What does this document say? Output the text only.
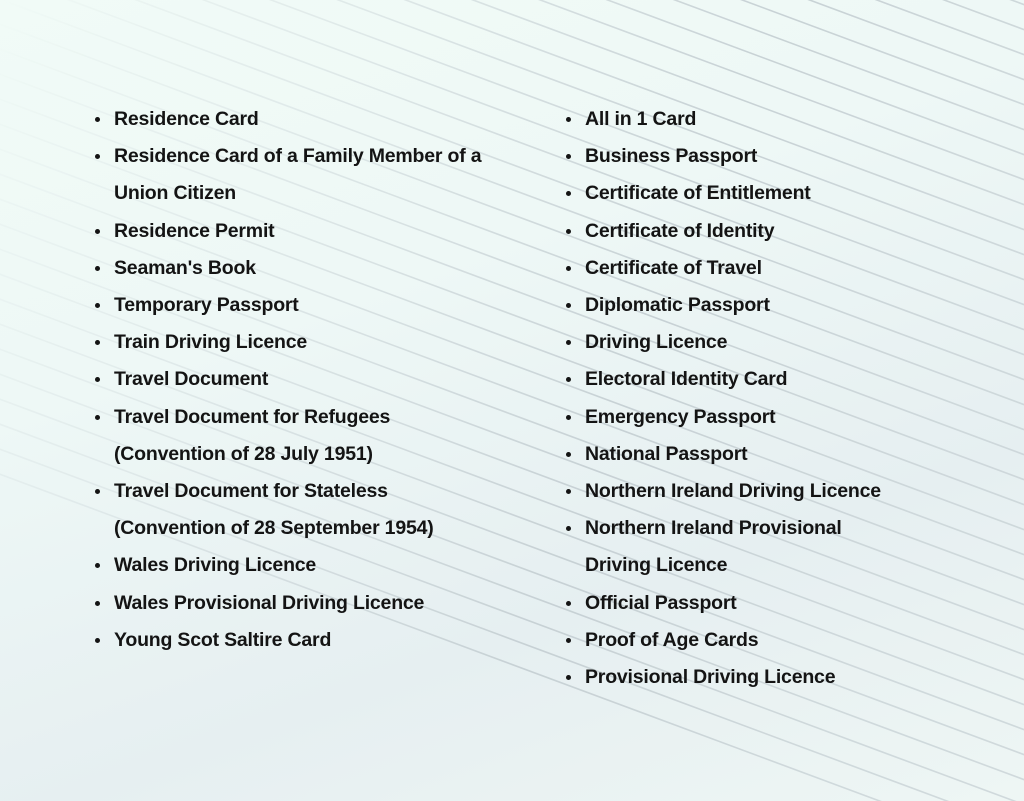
Residence Card
Residence Card of a Family Member of a Union Citizen
Residence Permit
Seaman's Book
Temporary Passport
Train Driving Licence
Travel Document
Travel Document for Refugees (Convention of 28 July 1951)
Travel Document for Stateless (Convention of 28 September 1954)
Wales Driving Licence
Wales Provisional Driving Licence
Young Scot Saltire Card
All in 1 Card
Business Passport
Certificate of Entitlement
Certificate of Identity
Certificate of Travel
Diplomatic Passport
Driving Licence
Electoral Identity Card
Emergency Passport
National Passport
Northern Ireland Driving Licence
Northern Ireland Provisional Driving Licence
Official Passport
Proof of Age Cards
Provisional Driving Licence
